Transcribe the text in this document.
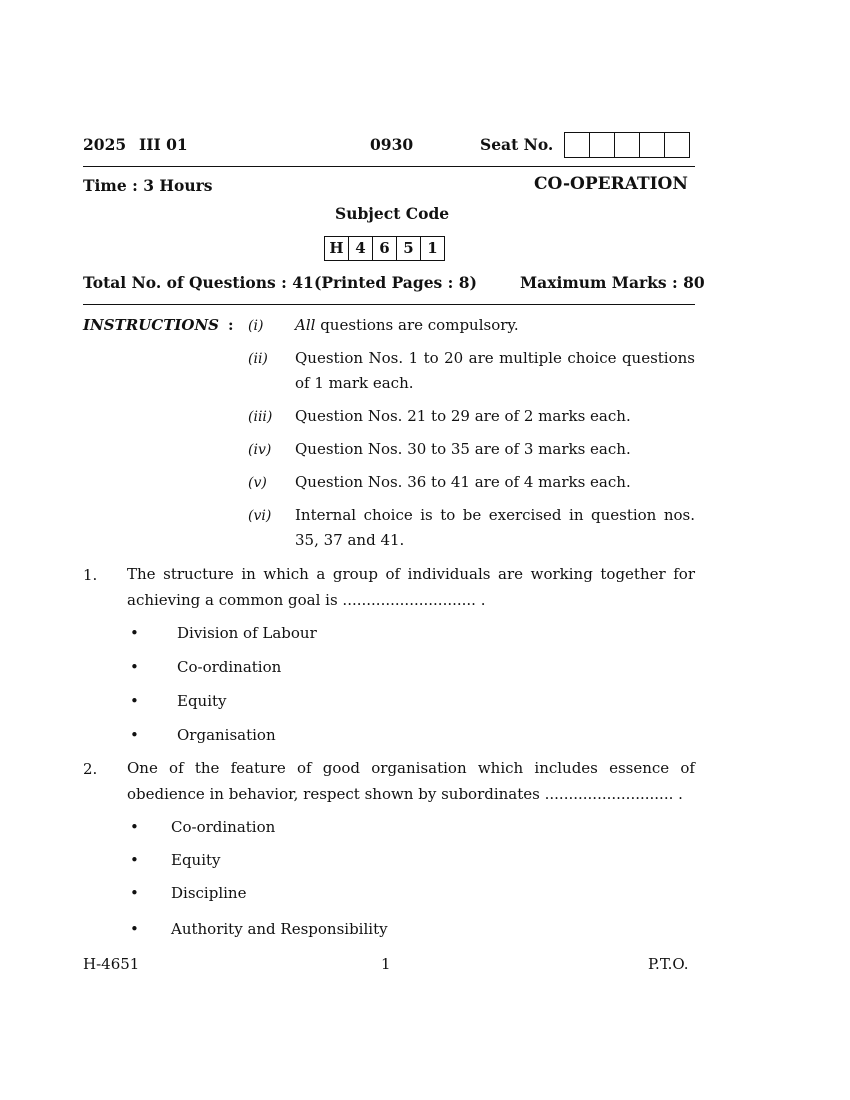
2025 III 01	0930	Seat No.
Time : 3 Hours	CO-OPERATION
Subject Code
H 4 6 5 1
Total No. of Questions : 41 (Printed Pages : 8)	Maximum Marks : 80
INSTRUCTIONS : (i) All questions are compulsory.
(ii) Question Nos. 1 to 20 are multiple choice questions of 1 mark each.
(iii) Question Nos. 21 to 29 are of 2 marks each.
(iv) Question Nos. 30 to 35 are of 3 marks each.
(v) Question Nos. 36 to 41 are of 4 marks each.
(vi) Internal choice is to be exercised in question nos. 35, 37 and 41.
1. The structure in which a group of individuals are working together for achieving a common goal is ............................ .
•	Division of Labour
•	Co-ordination
•	Equity
•	Organisation
2. One of the feature of good organisation which includes essence of obedience in behavior, respect shown by subordinates ........................... .
• Co-ordination
• Equity
• Discipline
• Authority and Responsibility
H-4651	1	P.T.O.
